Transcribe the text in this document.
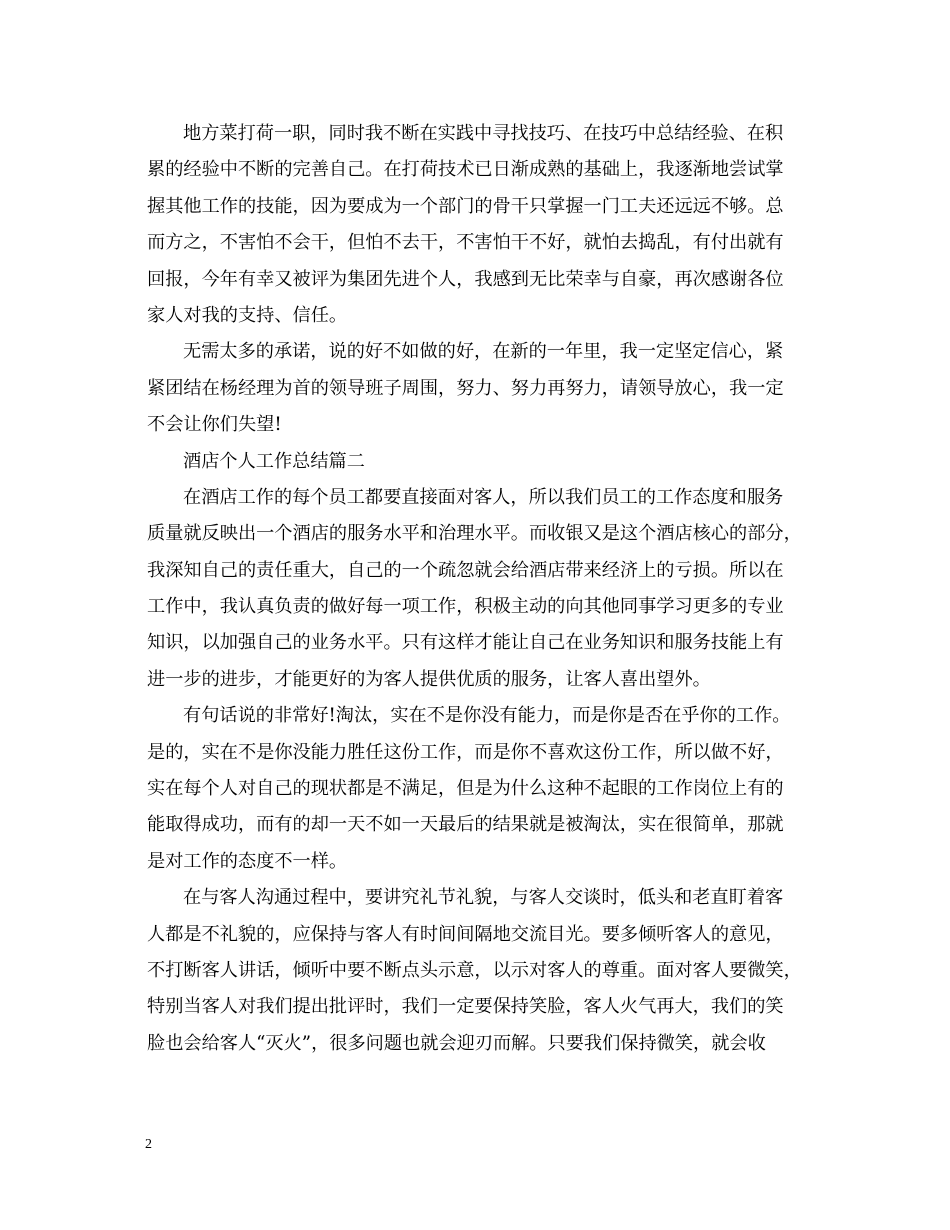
地方菜打荷一职，同时我不断在实践中寻找技巧、在技巧中总结经验、在积
累的经验中不断的完善自己。在打荷技术已日渐成熟的基础上，我逐渐地尝试掌
握其他工作的技能，因为要成为一个部门的骨干只掌握一门工夫还远远不够。总
而方之，不害怕不会干，但怕不去干，不害怕干不好，就怕去捣乱，有付出就有
回报，今年有幸又被评为集团先进个人，我感到无比荣幸与自豪，再次感谢各位
家人对我的支持、信任。
无需太多的承诺，说的好不如做的好，在新的一年里，我一定坚定信心，紧
紧团结在杨经理为首的领导班子周围，努力、努力再努力，请领导放心，我一定
不会让你们失望!
酒店个人工作总结篇二
在酒店工作的每个员工都要直接面对客人，所以我们员工的工作态度和服务
质量就反映出一个酒店的服务水平和治理水平。而收银又是这个酒店核心的部分，
我深知自己的责任重大，自己的一个疏忽就会给酒店带来经济上的亏损。所以在
工作中，我认真负责的做好每一项工作，积极主动的向其他同事学习更多的专业
知识，以加强自己的业务水平。只有这样才能让自己在业务知识和服务技能上有
进一步的进步，才能更好的为客人提供优质的服务，让客人喜出望外。
有句话说的非常好!淘汰，实在不是你没有能力，而是你是否在乎你的工作。
是的，实在不是你没能力胜任这份工作，而是你不喜欢这份工作，所以做不好，
实在每个人对自己的现状都是不满足，但是为什么这种不起眼的工作岗位上有的
能取得成功，而有的却一天不如一天最后的结果就是被淘汰，实在很简单，那就
是对工作的态度不一样。
在与客人沟通过程中，要讲究礼节礼貌，与客人交谈时，低头和老直盯着客
人都是不礼貌的，应保持与客人有时间间隔地交流目光。要多倾听客人的意见，
不打断客人讲话，倾听中要不断点头示意，以示对客人的尊重。面对客人要微笑，
特别当客人对我们提出批评时，我们一定要保持笑脸，客人火气再大，我们的笑
脸也会给客人“灭火”，很多问题也就会迎刃而解。只要我们保持微笑，就会收
2
